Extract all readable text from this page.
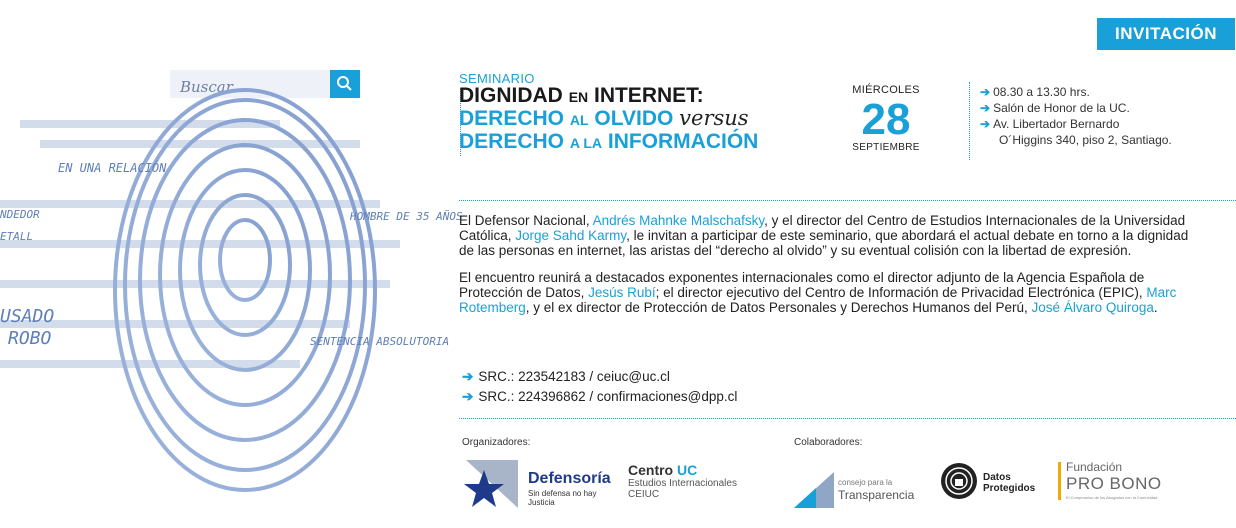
INVITACIÓN
Buscar
EN UNA RELACIÓN
HOMBRE DE 35 AÑOS
NDEDOR
ETALL
USADO
ROBO	SENTENCIA ABSOLUTORIA
SEMINARIO
DIGNIDAD EN INTERNET:
DERECHO AL OLVIDO versus
DERECHO A LA INFORMACIÓN
MIÉRCOLES
28
SEPTIEMBRE
➔ 08.30 a 13.30 hrs.
➔ Salón de Honor de la UC.
➔ Av. Libertador Bernardo
O´Higgins 340, piso 2, Santiago.

El Defensor Nacional, Andrés Mahnke Malschafsky, y el director del Centro de Estudios Internacionales de la Universidad Católica, Jorge Sahd Karmy, le invitan a participar de este seminario, que abordará el actual debate en torno a la dignidad de las personas en internet, las aristas del “derecho al olvido” y su eventual colisión con la libertad de expresión.

El encuentro reunirá a destacados exponentes internacionales como el director adjunto de la Agencia Española de Protección de Datos, Jesús Rubí; el director ejecutivo del Centro de Información de Privacidad Electrónica (EPIC), Marc Rotemberg, y el ex director de Protección de Datos Personales y Derechos Humanos del Perú, José Álvaro Quiroga.

➔ SRC.: 223542183 / ceiuc@uc.cl
➔ SRC.: 224396862 / confirmaciones@dpp.cl
Organizadores:	Colaboradores:
Defensoría
Sin defensa no hay Justicia
Centro UC
Estudios Internacionales
CEIUC
consejo para la
Transparencia
Datos
Protegidos
Fundación
PRO BONO
El Compromiso de los Abogados con la Comunidad
